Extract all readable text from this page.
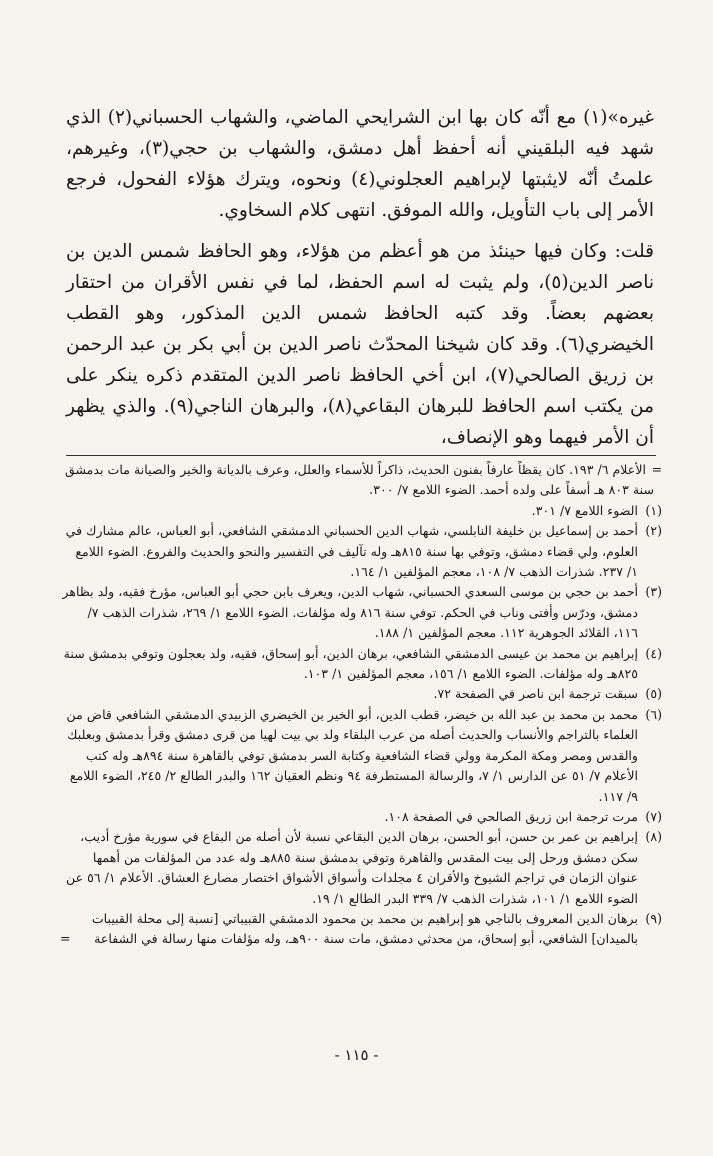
غيره»(١) مع أنّه كان بها ابن الشرايحي الماضي، والشهاب الحسباني(٢) الذي شهد فيه البلقيني أنه أحفظ أهل دمشق، والشهاب بن حجي(٣)، وغيرهم، علمتُ أنّه لايثبتها لإبراهيم العجلوني(٤) ونحوه، ويترك هؤلاء الفحول، فرجع الأمر إلى باب التأويل، والله الموفق. انتهى كلام السخاوي.

قلت: وكان فيها حينئذ من هو أعظم من هؤلاء، وهو الحافظ شمس الدين بن ناصر الدين(٥)، ولم يثبت له اسم الحفظ، لما في نفس الأقران من احتقار بعضهم بعضاً. وقد كتبه الحافظ شمس الدين المذكور، وهو القطب الخيضري(٦). وقد كان شيخنا المحدّث ناصر الدين بن أبي بكر بن عبد الرحمن بن زريق الصالحي(٧)، ابن أخي الحافظ ناصر الدين المتقدم ذكره ينكر على من يكتب اسم الحافظ للبرهان البقاعي(٨)، والبرهان الناجي(٩). والذي يظهر أن الأمر فيهما وهو الإنصاف،

=
الأعلام ٦/ ١٩٣. كان يقظاً عارفاً بفنون الحديث، ذاكراً للأسماء والعلل، وعرف بالديانة والخير والصيانة مات بدمشق سنة ٨٠٣ هـ أسفاً على ولده أحمد. الضوء اللامع ٧/ ٣٠٠.
(١)
الضوء اللامع ٧/ ٣٠١.
(٢)
أحمد بن إسماعيل بن خليفة النابلسي، شهاب الدين الحسباني الدمشقي الشافعي، أبو العباس، عالم مشارك في العلوم، ولي قضاء دمشق، وتوفي بها سنة ٨١٥هـ وله تآليف في التفسير والنحو والحديث والفروع. الضوء اللامع ١/ ٢٣٧. شذرات الذهب ٧/ ١٠٨، معجم المؤلفين ١/ ١٦٤.
(٣)
أحمد بن حجي بن موسى السعدي الحسباني، شهاب الدين، ويعرف بابن حجي أبو العباس، مؤرخ فقيه، ولد بظاهر دمشق، ودرّس وأفتى وناب في الحكم. توفي سنة ٨١٦ وله مؤلفات. الضوء اللامع ١/ ٢٦٩، شذرات الذهب ٧/ ١١٦، القلائد الجوهرية ١١٢. معجم المؤلفين ١/ ١٨٨.
(٤)
إبراهيم بن محمد بن عيسى الدمشقي الشافعي، برهان الدين، أبو إسحاق، فقيه، ولد بعجلون وتوفي بدمشق سنة ٨٢٥هـ وله مؤلفات. الضوء اللامع ١/ ١٥٦، معجم المؤلفين ١/ ١٠٣.
(٥)
سبقت ترجمة ابن ناصر في الصفحة ٧٢.
(٦)
محمد بن محمد بن عبد الله بن خيضر، قطب الدين، أبو الخير بن الخيضري الزبيدي الدمشقي الشافعي قاض من العلماء بالتراجم والأنساب والحديث أصله من عرب البلقاء ولد بي بيت لهيا من قرى دمشق وقرأ بدمشق وبعلبك والقدس ومصر ومكة المكرمة وولي قضاء الشافعية وكتابة السر بدمشق توفي بالقاهرة سنة ٨٩٤هـ وله كتب الأعلام ٧/ ٥١ عن الدارس ١/ ٧، والرسالة المستطرفة ٩٤ ونظم العقيان ١٦٢ والبدر الطالع ٢/ ٢٤٥، الضوء اللامع ٩/ ١١٧.
(٧)
مرت ترجمة ابن زريق الصالحي في الصفحة ١٠٨.
(٨)
إبراهيم بن عمر بن حسن، أبو الحسن، برهان الدين البقاعي نسبة لأن أصله من البقاع في سورية مؤرخ أديب، سكن دمشق ورحل إلى بيت المقدس والقاهرة وتوفي بدمشق سنة ٨٨٥هـ وله عدد من المؤلفات من أهمها عنوان الزمان في تراجم الشيوخ والأقران ٤ مجلدات وأسواق الأشواق اختصار مصارع العشاق. الأعلام ١/ ٥٦ عن الضوء اللامع ١/ ١٠١، شذرات الذهب ٧/ ٣٣٩ البدر الطالع ١/ ١٩.
(٩)
برهان الدين المعروف بالناجي هو إبراهيم بن محمد بن محمود الدمشقي القبيباتي [نسبة إلى محلة القبيبات بالميدان] الشافعي، أبو إسحاق، من محدثي دمشق، مات سنة ٩٠٠هـ، وله مؤلفات منها رسالة في الشفاعة
=
- ١١٥ -
